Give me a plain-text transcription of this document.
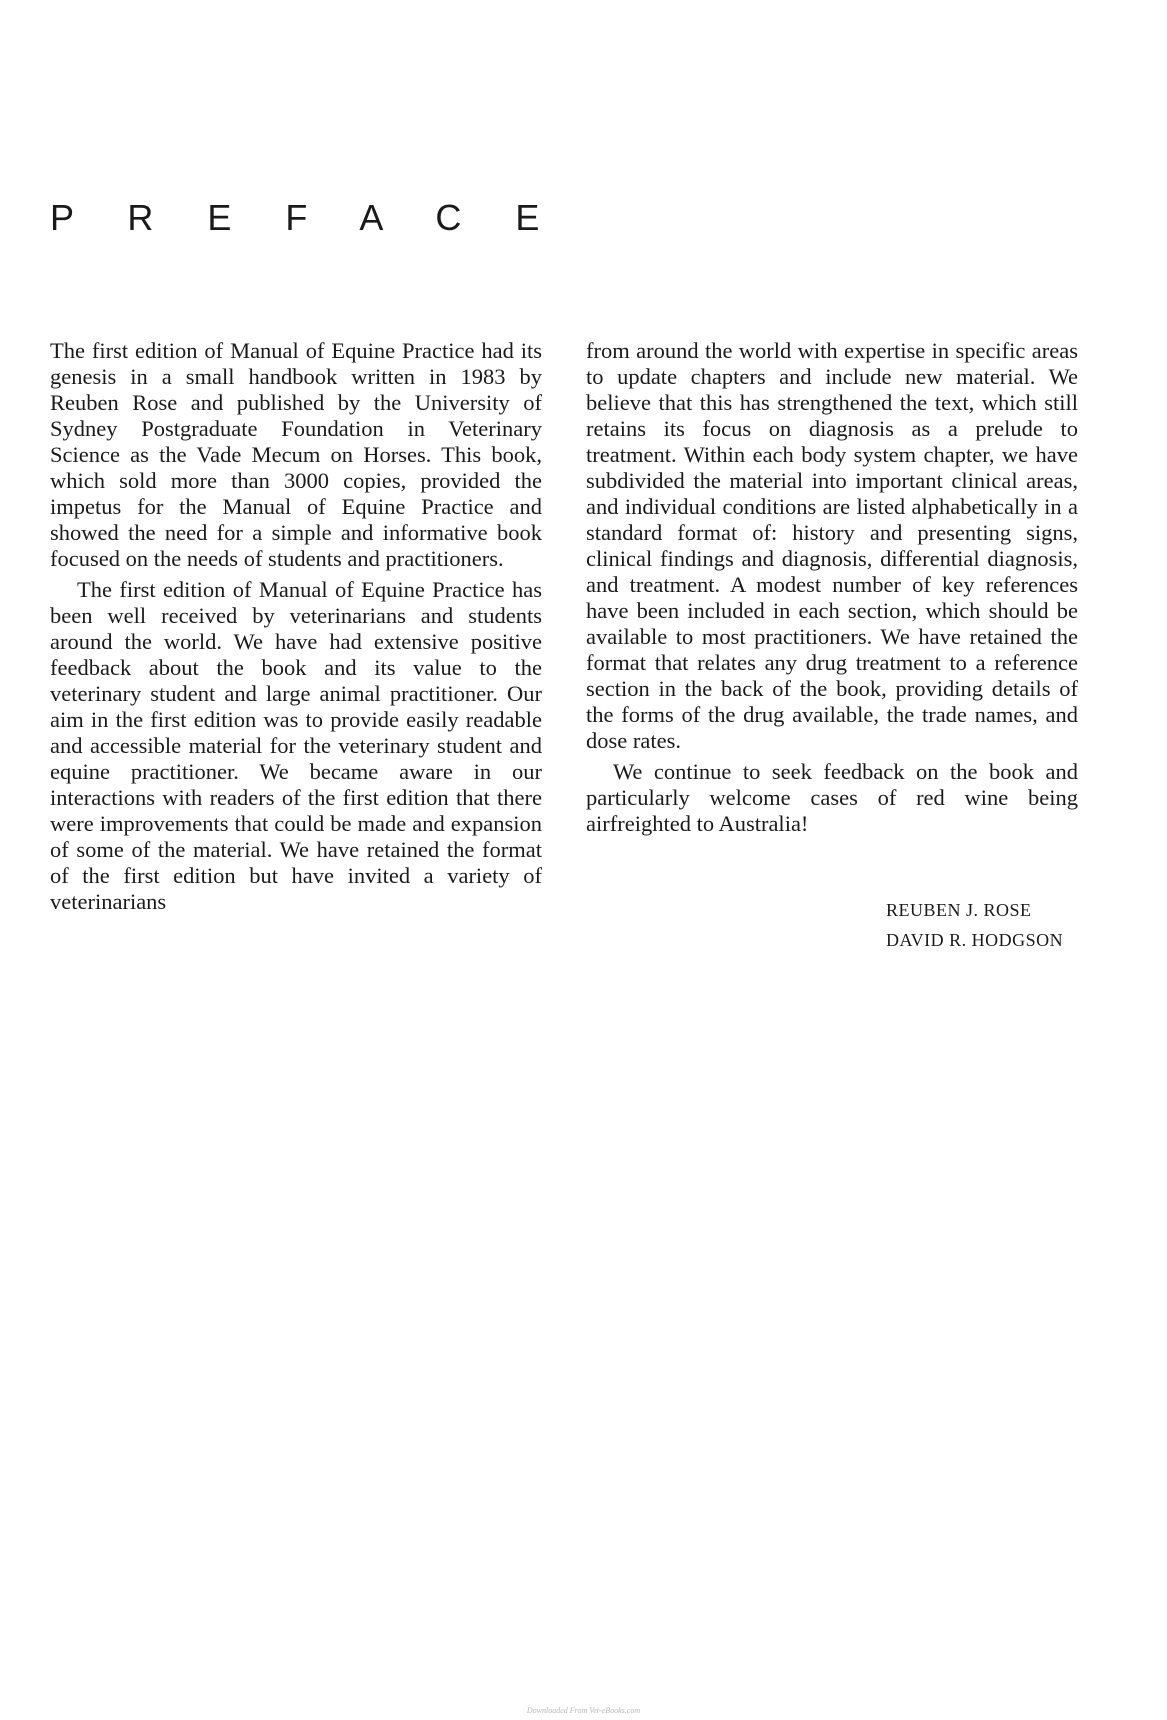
P R E F A C E

The first edition of Manual of Equine Practice had its genesis in a small handbook written in 1983 by Reuben Rose and published by the University of Sydney Postgraduate Foundation in Veterinary Science as the Vade Mecum on Horses. This book, which sold more than 3000 copies, provided the impetus for the Manual of Equine Practice and showed the need for a simple and informative book focused on the needs of students and practitioners.

The first edition of Manual of Equine Practice has been well received by veterinarians and students around the world. We have had extensive positive feedback about the book and its value to the veterinary student and large animal practitioner. Our aim in the first edition was to provide easily readable and accessible material for the veterinary student and equine practitioner. We became aware in our interactions with readers of the first edition that there were improvements that could be made and expansion of some of the material. We have retained the format of the first edition but have invited a variety of veterinarians

from around the world with expertise in specific areas to update chapters and include new material. We believe that this has strengthened the text, which still retains its focus on diagnosis as a prelude to treatment. Within each body system chapter, we have subdivided the material into important clinical areas, and individual conditions are listed alphabetically in a standard format of: history and presenting signs, clinical findings and diagnosis, differential diagnosis, and treatment. A modest number of key references have been included in each section, which should be available to most practitioners. We have retained the format that relates any drug treatment to a reference section in the back of the book, providing details of the forms of the drug available, the trade names, and dose rates.

We continue to seek feedback on the book and particularly welcome cases of red wine being airfreighted to Australia!

REUBEN J. ROSE
DAVID R. HODGSON
Downloaded From Vet-eBooks.com
